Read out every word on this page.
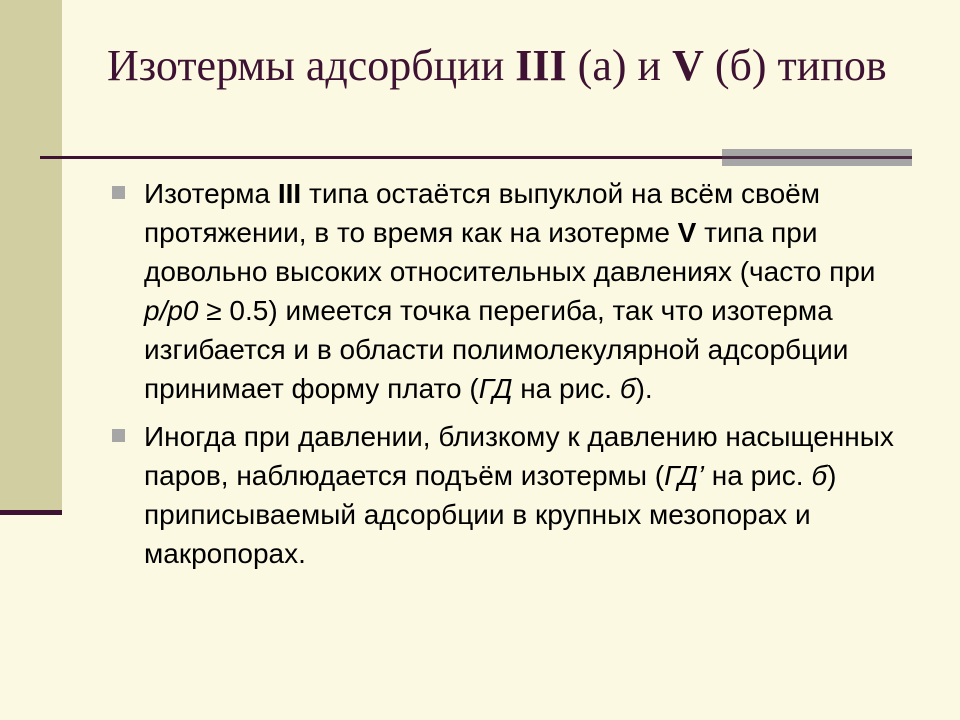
Изотермы адсорбции III (а) и V (б) типов
Изотерма III типа остаётся выпуклой на всём своём протяжении, в то время как на изотерме V типа при довольно высоких относительных давлениях (часто при p/p0 ≥ 0.5) имеется точка перегиба, так что изотерма изгибается и в области полимолекулярной адсорбции принимает форму плато (ГД на рис. б).
Иногда при давлении, близкому к давлению насыщенных паров, наблюдается подъём изотермы (ГД’ на рис. б) приписываемый адсорбции в крупных мезопорах и макропорах.
